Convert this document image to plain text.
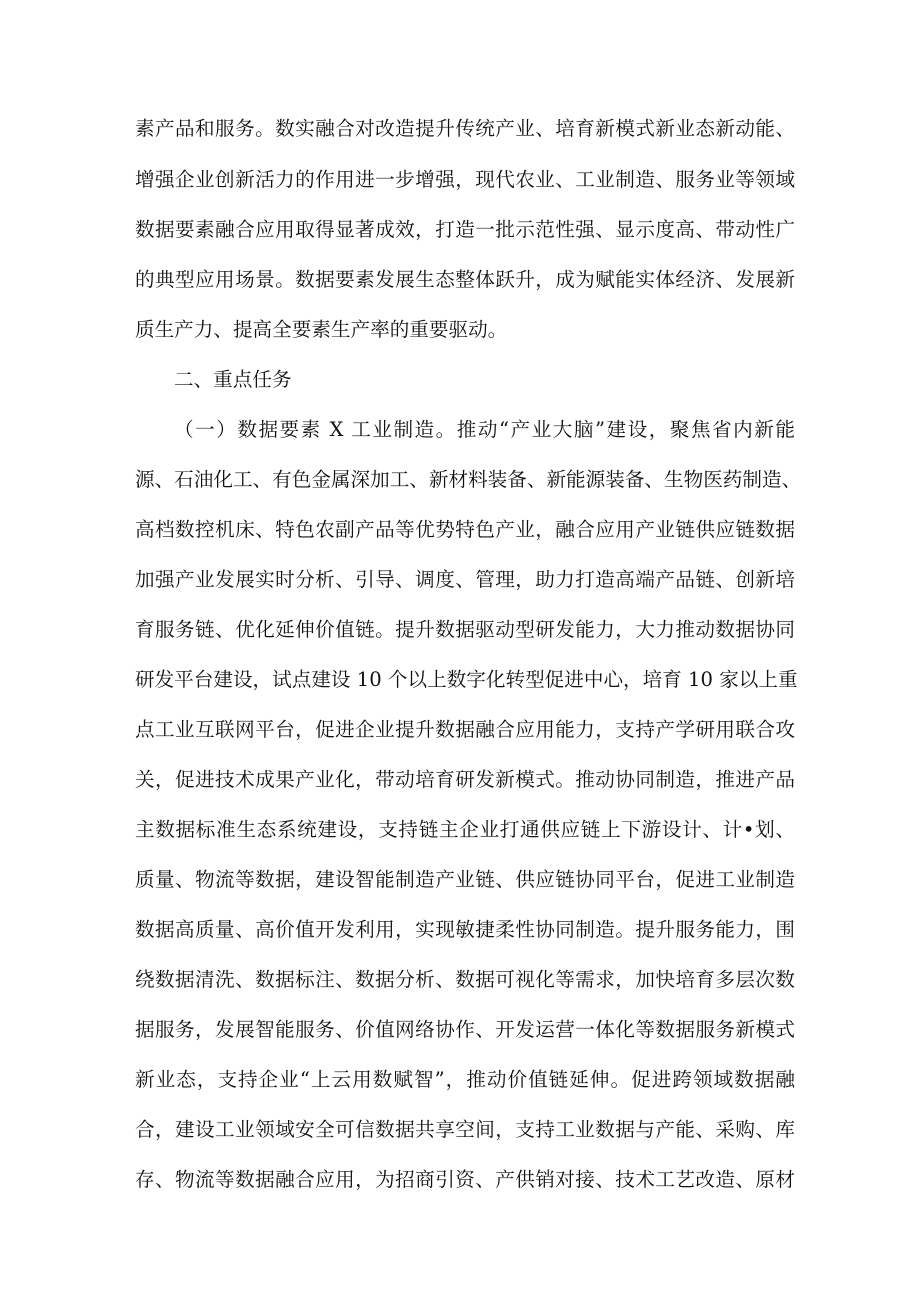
素产品和服务。数实融合对改造提升传统产业、培育新模式新业态新动能、
增强企业创新活力的作用进一步增强，现代农业、工业制造、服务业等领域
数据要素融合应用取得显著成效，打造一批示范性强、显示度高、带动性广
的典型应用场景。数据要素发展生态整体跃升，成为赋能实体经济、发展新
质生产力、提高全要素生产率的重要驱动。
二、重点任务
（一）数据要素 X 工业制造。推动“产业大脑”建设，聚焦省内新能
源、石油化工、有色金属深加工、新材料装备、新能源装备、生物医药制造、
高档数控机床、特色农副产品等优势特色产业，融合应用产业链供应链数据
加强产业发展实时分析、引导、调度、管理，助力打造高端产品链、创新培
育服务链、优化延伸价值链。提升数据驱动型研发能力，大力推动数据协同
研发平台建设，试点建设 10 个以上数字化转型促进中心，培育 10 家以上重
点工业互联网平台，促进企业提升数据融合应用能力，支持产学研用联合攻
关，促进技术成果产业化，带动培育研发新模式。推动协同制造，推进产品
主数据标准生态系统建设，支持链主企业打通供应链上下游设计、计•划、
质量、物流等数据，建设智能制造产业链、供应链协同平台，促进工业制造
数据高质量、高价值开发利用，实现敏捷柔性协同制造。提升服务能力，围
绕数据清洗、数据标注、数据分析、数据可视化等需求，加快培育多层次数
据服务，发展智能服务、价值网络协作、开发运营一体化等数据服务新模式
新业态，支持企业“上云用数赋智”，推动价值链延伸。促进跨领域数据融
合，建设工业领域安全可信数据共享空间，支持工业数据与产能、采购、库
存、物流等数据融合应用，为招商引资、产供销对接、技术工艺改造、原材
